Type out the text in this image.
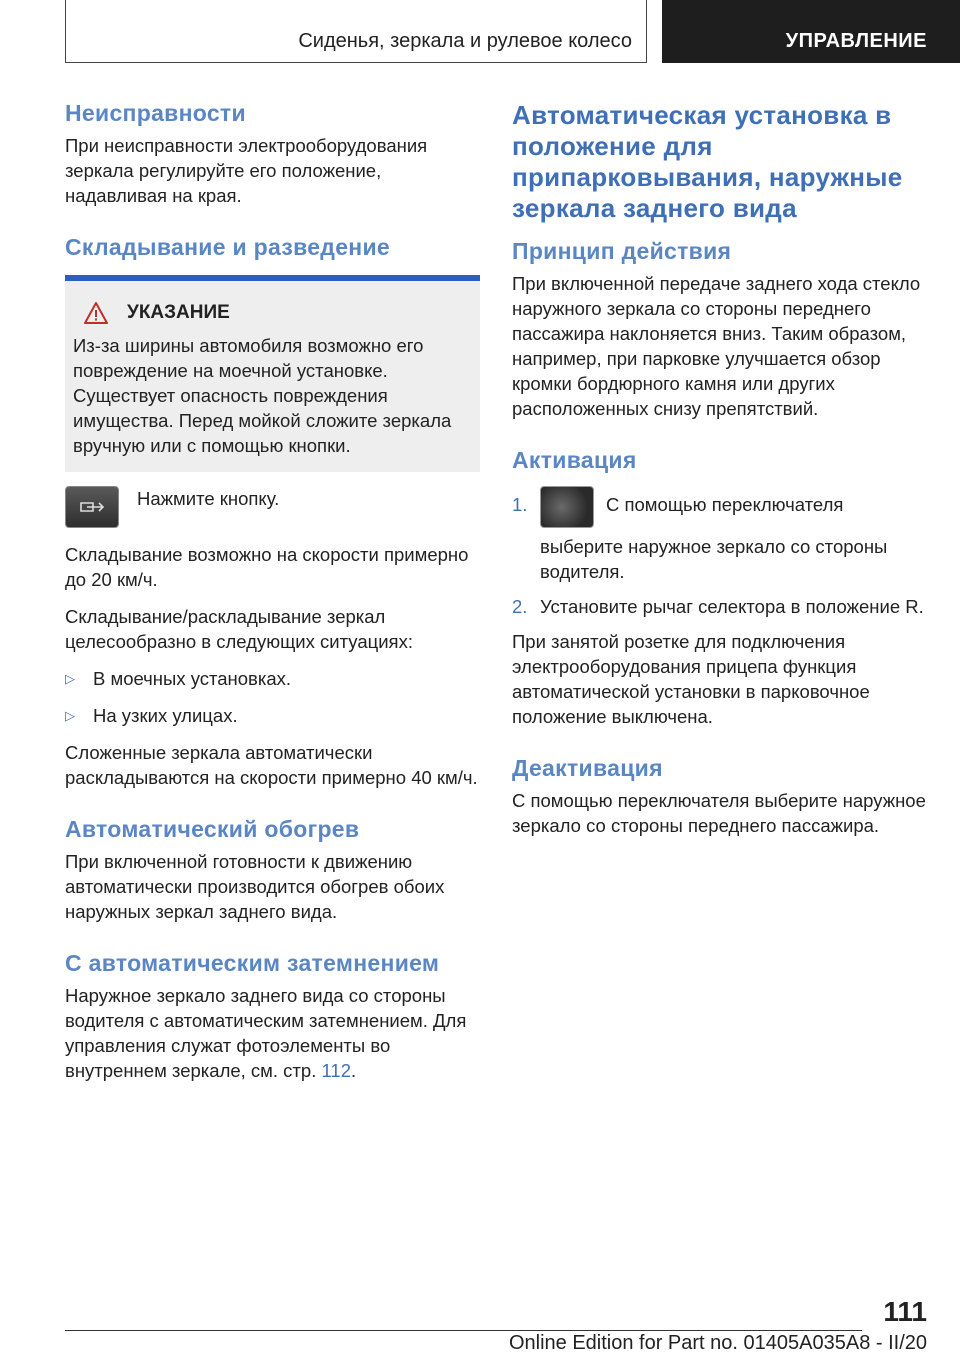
Сиденья, зеркала и рулевое колесо	УПРАВЛЕНИЕ
Неисправности

При неисправности электрооборудования зеркала регулируйте его положение, надавливая на края.

Складывание и разведение
УКАЗАНИЕ

Из-за ширины автомобиля возможно его повреждение на моечной установке. Существует опасность повреждения имущества. Перед мойкой сложите зеркала вручную или с помощью кнопки.

Нажмите кнопку.

Складывание возможно на скорости примерно до 20 км/ч.

Складывание/раскладывание зеркал целесообразно в следующих ситуациях:

▷ В моечных установках.
▷ На узких улицах.

Сложенные зеркала автоматически раскладываются на скорости примерно 40 км/ч.

Автоматический обогрев

При включенной готовности к движению автоматически производится обогрев обоих наружных зеркал заднего вида.

С автоматическим затемнением

Наружное зеркало заднего вида со стороны водителя с автоматическим затемнением. Для управления служат фотоэлементы во внутреннем зеркале, см. стр. 112.

Автоматическая установка в положение для припарковывания, наружные зеркала заднего вида
Принцип действия

При включенной передаче заднего хода стекло наружного зеркала со стороны переднего пассажира наклоняется вниз. Таким образом, например, при парковке улучшается обзор кромки бордюрного камня или других расположенных снизу препятствий.

Активация
1.	С помощью переключателя выберите наружное зеркало со стороны водителя.
2. Установите рычаг селектора в положение R.

При занятой розетке для подключения электрооборудования прицепа функция автоматической установки в парковочное положение выключена.

Деактивация

С помощью переключателя выберите наружное зеркало со стороны переднего пассажира.

111
Online Edition for Part no. 01405A035A8 - II/20
